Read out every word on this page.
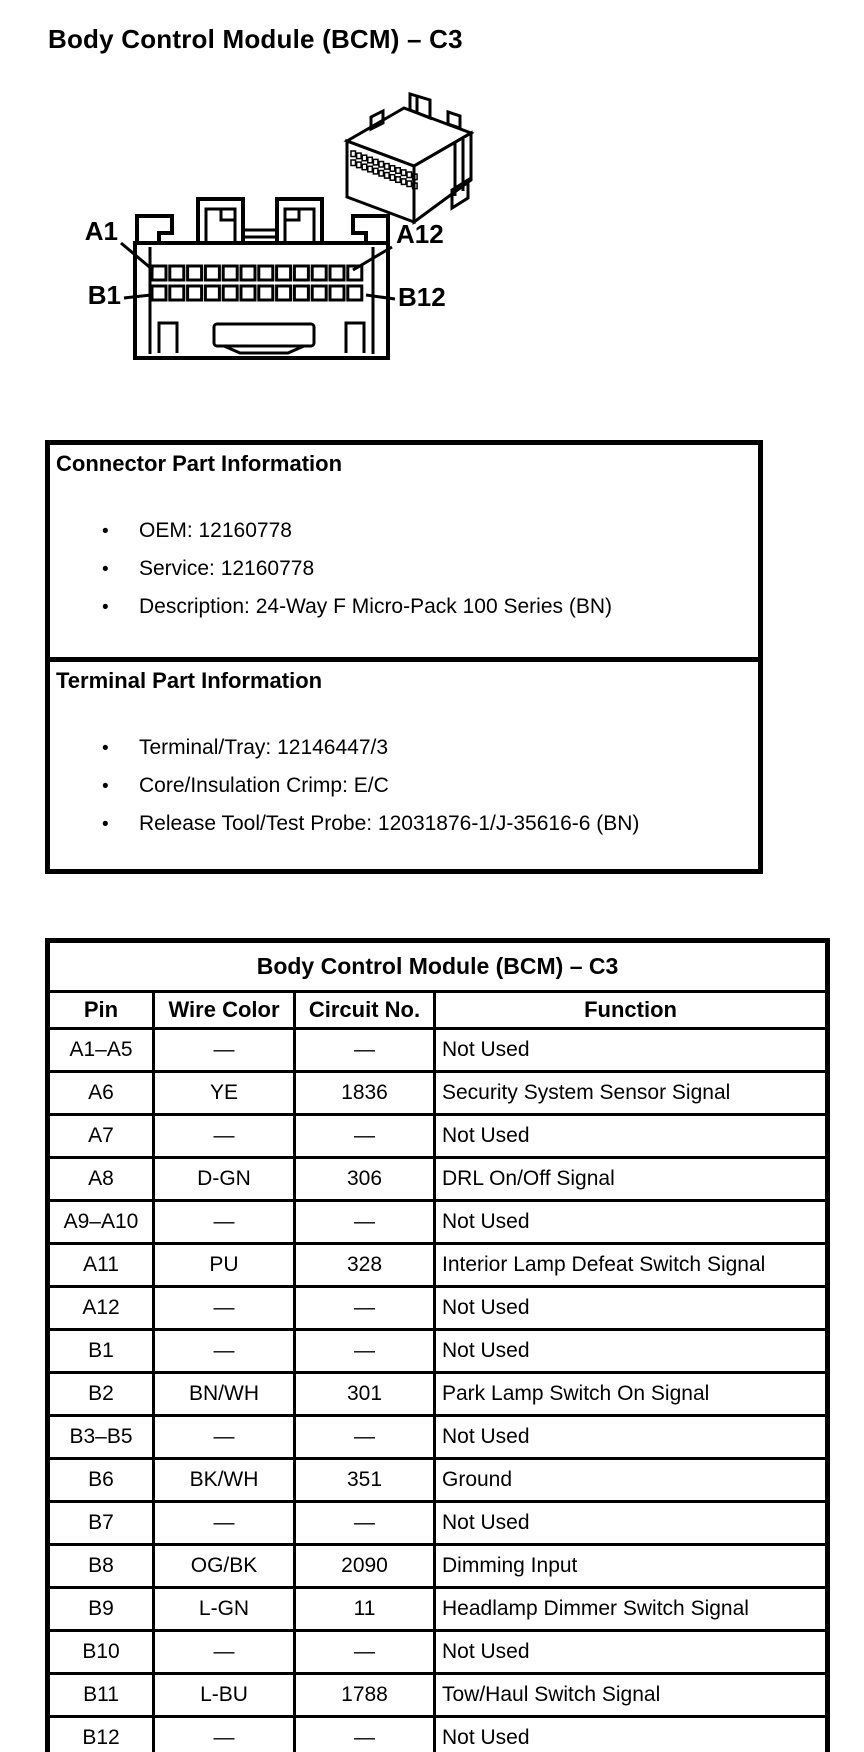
Body Control Module (BCM) – C3
A1	A12
B1	B12
Connector Part Information
•	OEM: 12160778
•	Service: 12160778
•	Description: 24-Way F Micro-Pack 100 Series (BN)
Terminal Part Information
•	Terminal/Tray: 12146447/3
•	Core/Insulation Crimp: E/C
•	Release Tool/Test Probe: 12031876-1/J-35616-6 (BN)
Body Control Module (BCM) – C3			
Pin	Wire Color	Circuit No.	Function
A1–A5	—	—	Not Used
A6	YE	1836	Security System Sensor Signal
A7	—	—	Not Used
A8	D-GN	306	DRL On/Off Signal
A9–A10	—	—	Not Used
A11	PU	328	Interior Lamp Defeat Switch Signal
A12	—	—	Not Used
B1	—	—	Not Used
B2	BN/WH	301	Park Lamp Switch On Signal
B3–B5	—	—	Not Used
B6	BK/WH	351	Ground
B7	—	—	Not Used
B8	OG/BK	2090	Dimming Input
B9	L-GN	11	Headlamp Dimmer Switch Signal
B10	—	—	Not Used
B11	L-BU	1788	Tow/Haul Switch Signal
B12	—	—	Not Used
